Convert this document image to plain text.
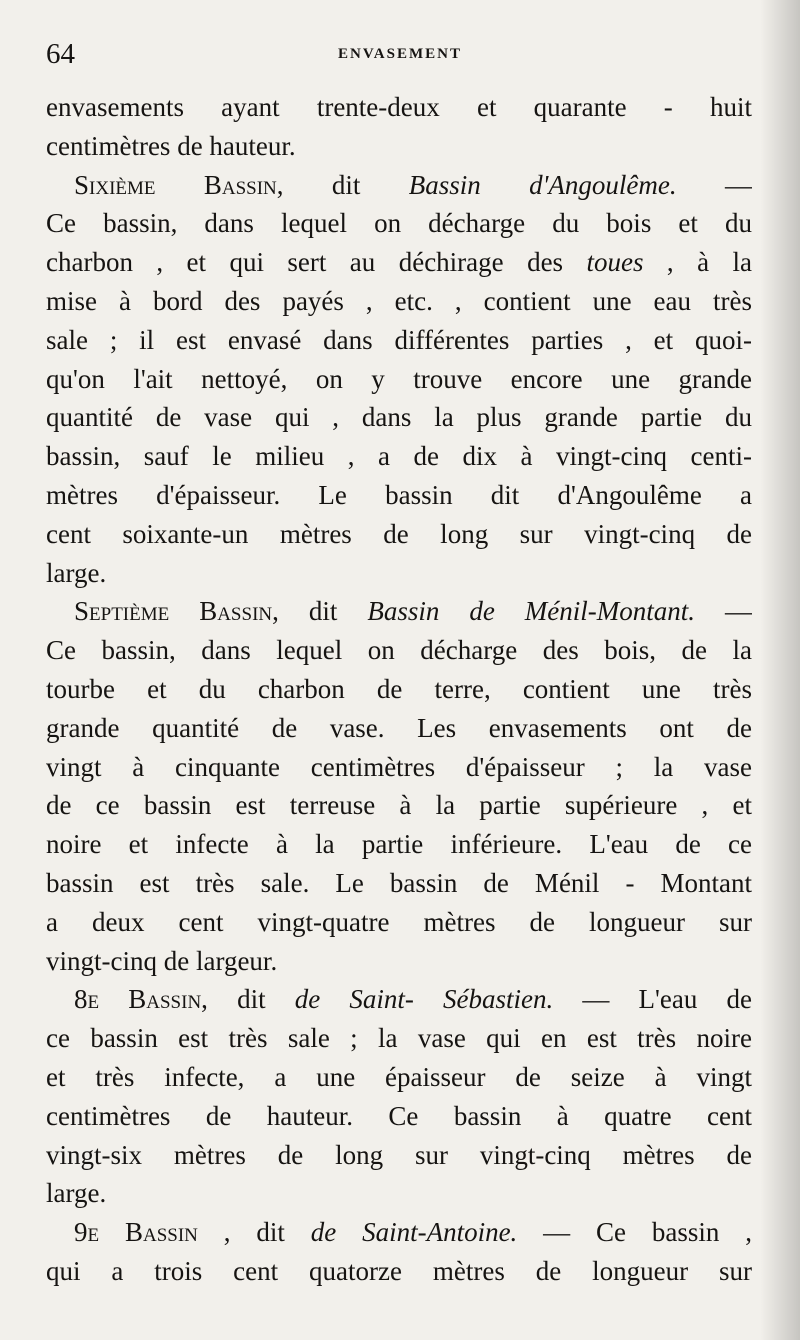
64	ENVASEMENT
envasements ayant trente-deux et quarante - huit
centimètres de hauteur.
Sixième Bassin, dit Bassin d'Angoulême. —
Ce bassin, dans lequel on décharge du bois et du
charbon , et qui sert au déchirage des toues , à la
mise à bord des payés , etc. , contient une eau très
sale ; il est envasé dans différentes parties , et quoi-
qu'on l'ait nettoyé, on y trouve encore une grande
quantité de vase qui , dans la plus grande partie du
bassin, sauf le milieu , a de dix à vingt-cinq centi-
mètres d'épaisseur. Le bassin dit d'Angoulême a
cent soixante-un mètres de long sur vingt-cinq de
large.
Septième Bassin, dit Bassin de Ménil-Montant. —
Ce bassin, dans lequel on décharge des bois, de la
tourbe et du charbon de terre, contient une très
grande quantité de vase. Les envasements ont de
vingt à cinquante centimètres d'épaisseur ; la vase
de ce bassin est terreuse à la partie supérieure , et
noire et infecte à la partie inférieure. L'eau de ce
bassin est très sale. Le bassin de Ménil - Montant
a deux cent vingt-quatre mètres de longueur sur
vingt-cinq de largeur.
8e Bassin, dit de Saint- Sébastien. — L'eau de
ce bassin est très sale ; la vase qui en est très noire
et très infecte, a une épaisseur de seize à vingt
centimètres de hauteur. Ce bassin à quatre cent
vingt-six mètres de long sur vingt-cinq mètres de
large.
9e Bassin , dit de Saint-Antoine. — Ce bassin ,
qui a trois cent quatorze mètres de longueur sur
